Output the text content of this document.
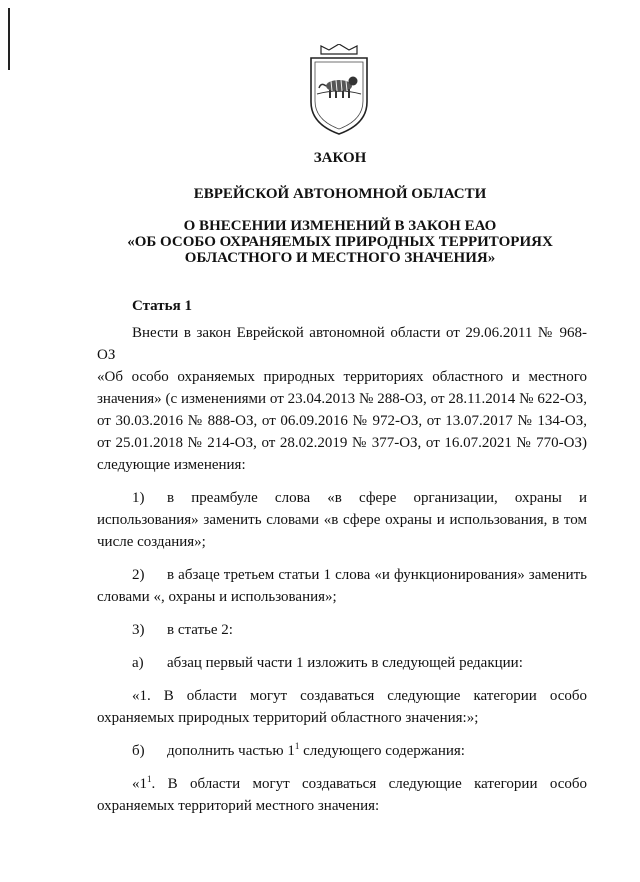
ЗАКОН
ЕВРЕЙСКОЙ АВТОНОМНОЙ ОБЛАСТИ
О ВНЕСЕНИИ ИЗМЕНЕНИЙ В ЗАКОН ЕАО
«ОБ ОСОБО ОХРАНЯЕМЫХ ПРИРОДНЫХ ТЕРРИТОРИЯХ
ОБЛАСТНОГО И МЕСТНОГО ЗНАЧЕНИЯ»
Статья 1
Внести в закон Еврейской автономной области от 29.06.2011 № 968-ОЗ
«Об особо охраняемых природных территориях областного и местного
значения» (с изменениями от 23.04.2013 № 288-ОЗ, от 28.11.2014 № 622-ОЗ,
от 30.03.2016 № 888-ОЗ, от 06.09.2016 № 972-ОЗ, от 13.07.2017 № 134-ОЗ,
от 25.01.2018 № 214-ОЗ, от 28.02.2019 № 377-ОЗ, от 16.07.2021 № 770-ОЗ)
следующие изменения:
1)	в преамбуле слова «в сфере организации, охраны и
использования» заменить словами «в сфере охраны и использования, в том
числе создания»;
2)	в абзаце третьем статьи 1 слова «и функционирования» заменить
словами «, охраны и использования»;
3)	в статье 2:
а)	абзац первый части 1 изложить в следующей редакции:
«1. В области могут создаваться следующие категории особо
охраняемых природных территорий областного значения:»;
б)	дополнить частью $1^1$ следующего содержания:
«$1^1$. В области могут создаваться следующие категории особо
охраняемых территорий местного значения:
